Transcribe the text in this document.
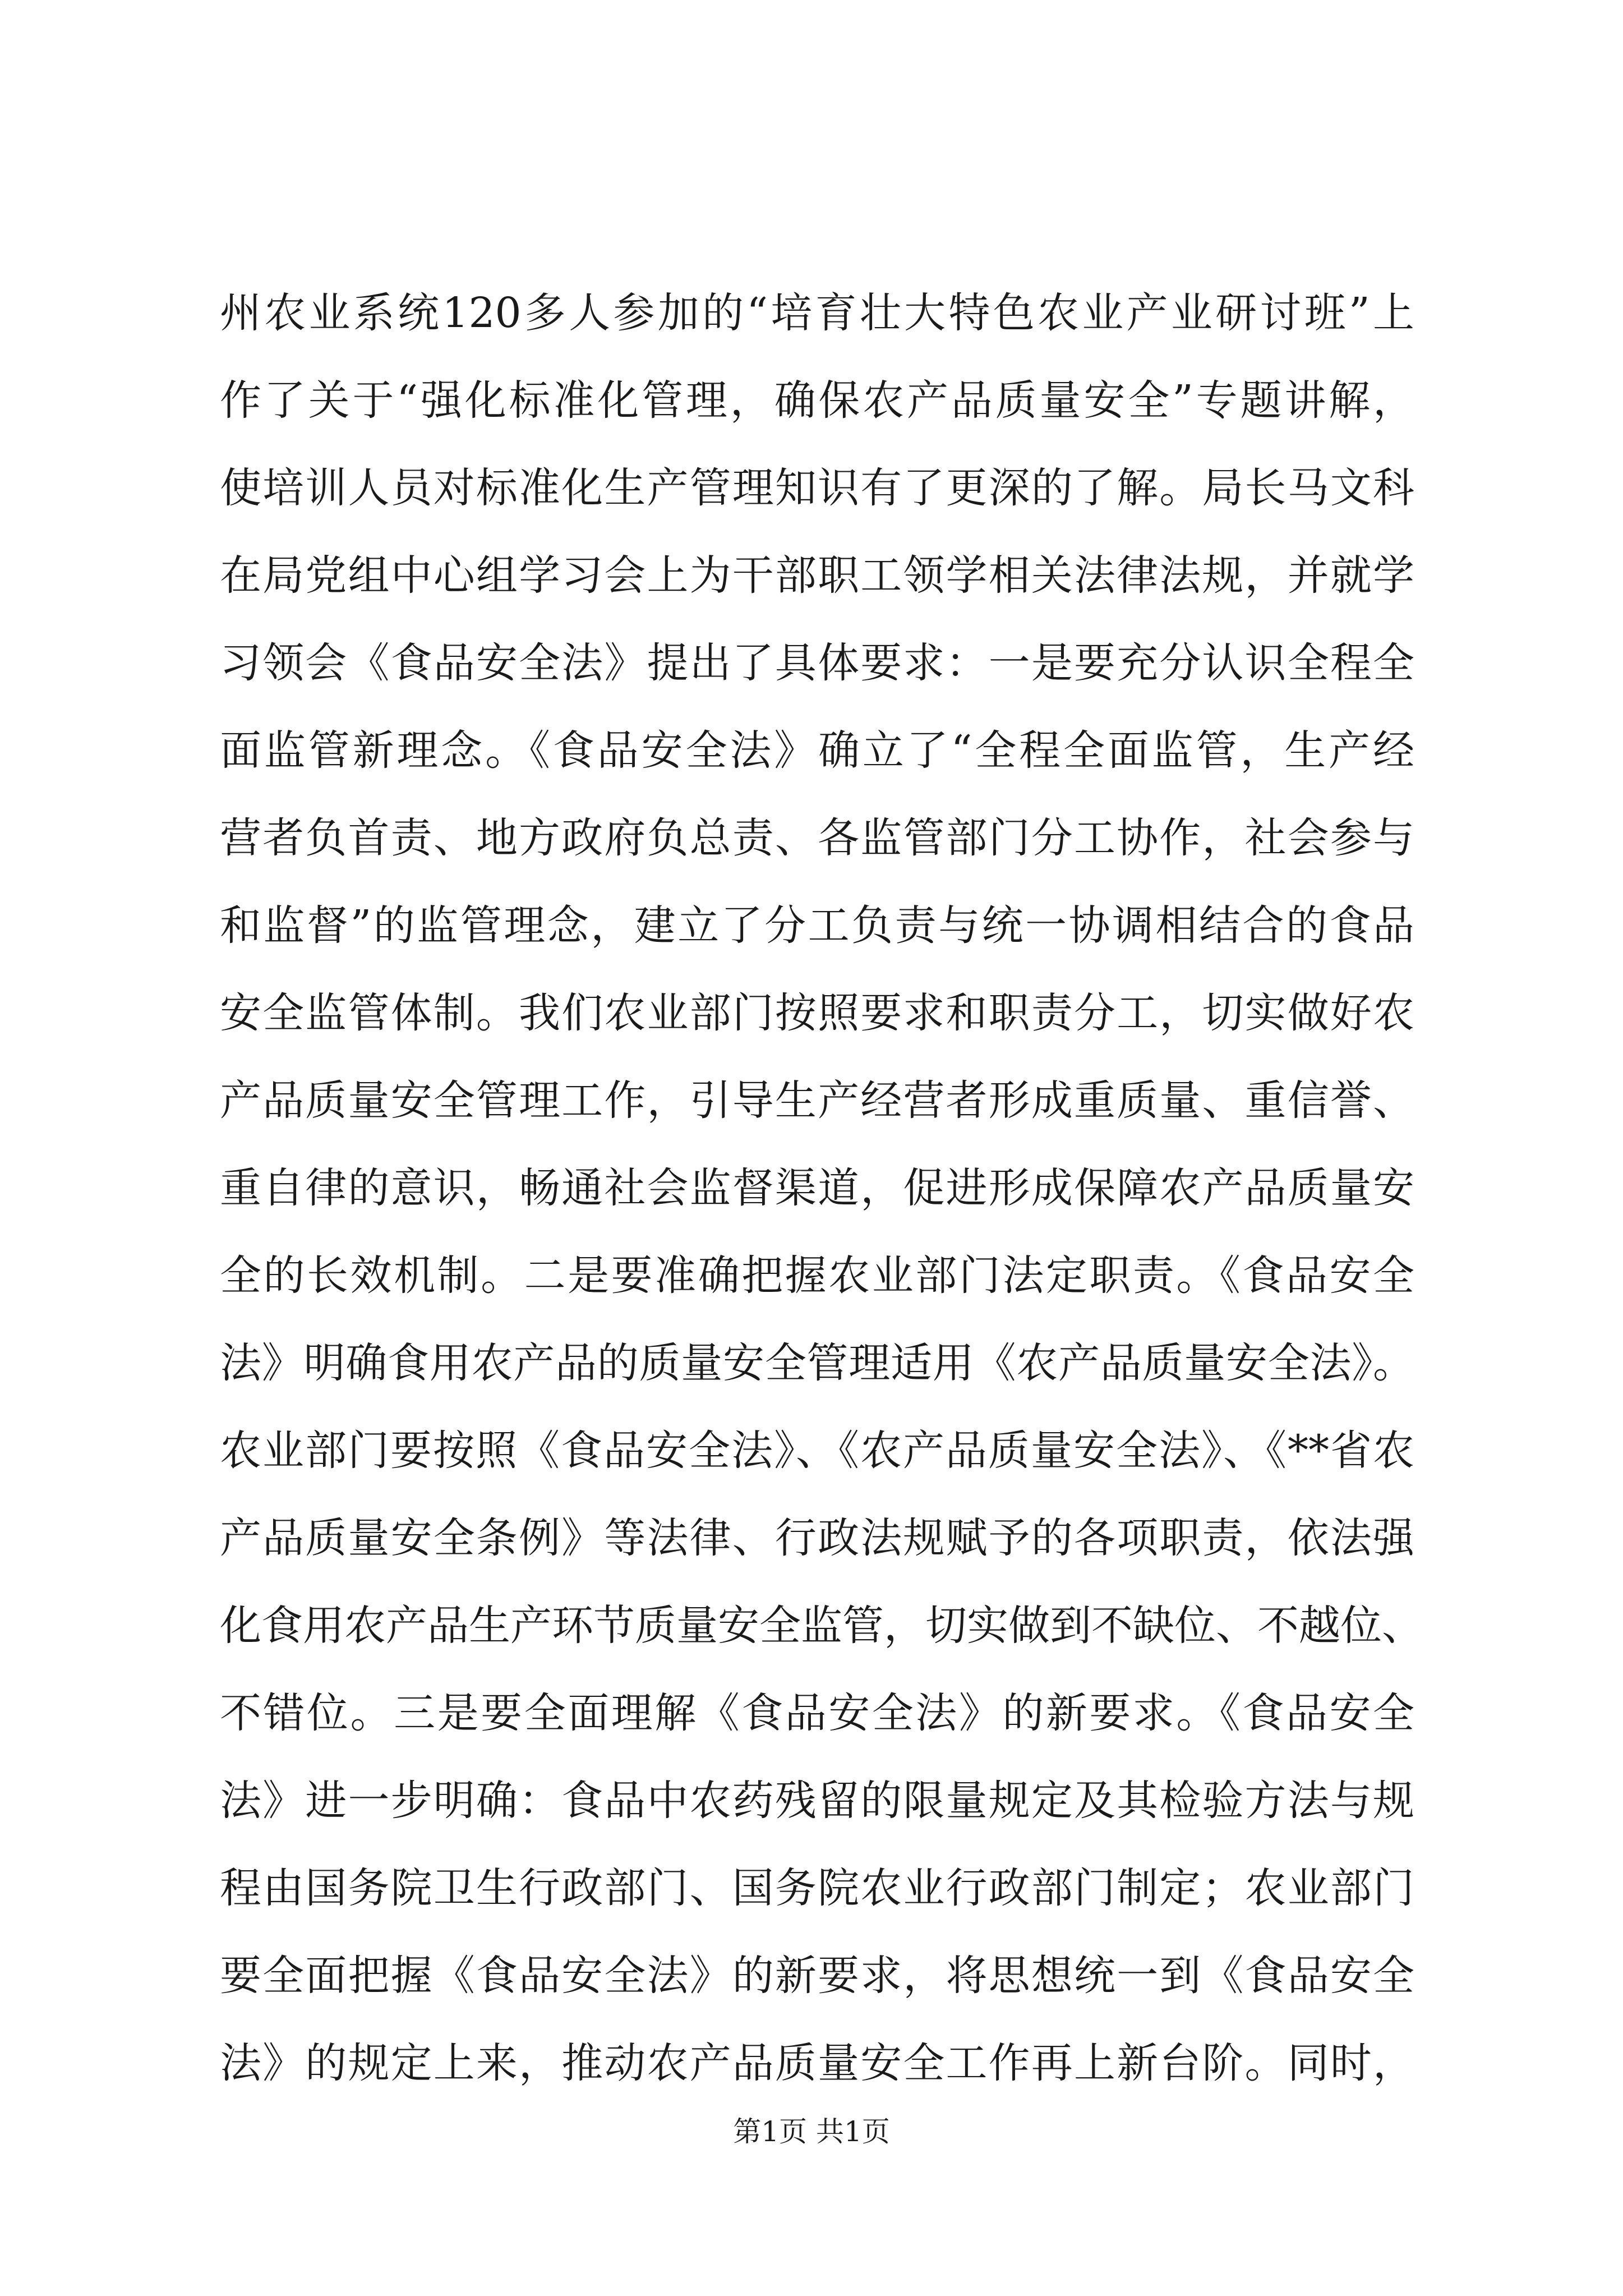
州农业系统120多人参加的“培育壮大特色农业产业研讨班”上
作了关于“强化标准化管理，确保农产品质量安全”专题讲解，
使培训人员对标准化生产管理知识有了更深的了解。局长马文科
在局党组中心组学习会上为干部职工领学相关法律法规，并就学
习领会《食品安全法》提出了具体要求：一是要充分认识全程全
面监管新理念。《食品安全法》确立了“全程全面监管，生产经
营者负首责、地方政府负总责、各监管部门分工协作，社会参与
和监督”的监管理念，建立了分工负责与统一协调相结合的食品
安全监管体制。我们农业部门按照要求和职责分工，切实做好农
产品质量安全管理工作，引导生产经营者形成重质量、重信誉、
重自律的意识，畅通社会监督渠道，促进形成保障农产品质量安
全的长效机制。二是要准确把握农业部门法定职责。《食品安全
法》明确食用农产品的质量安全管理适用《农产品质量安全法》。
农业部门要按照《食品安全法》、《农产品质量安全法》、《**省农
产品质量安全条例》等法律、行政法规赋予的各项职责，依法强
化食用农产品生产环节质量安全监管，切实做到不缺位、不越位、
不错位。三是要全面理解《食品安全法》的新要求。《食品安全
法》进一步明确：食品中农药残留的限量规定及其检验方法与规
程由国务院卫生行政部门、国务院农业行政部门制定；农业部门
要全面把握《食品安全法》的新要求，将思想统一到《食品安全
法》的规定上来，推动农产品质量安全工作再上新台阶。同时，
第1页 共1页
